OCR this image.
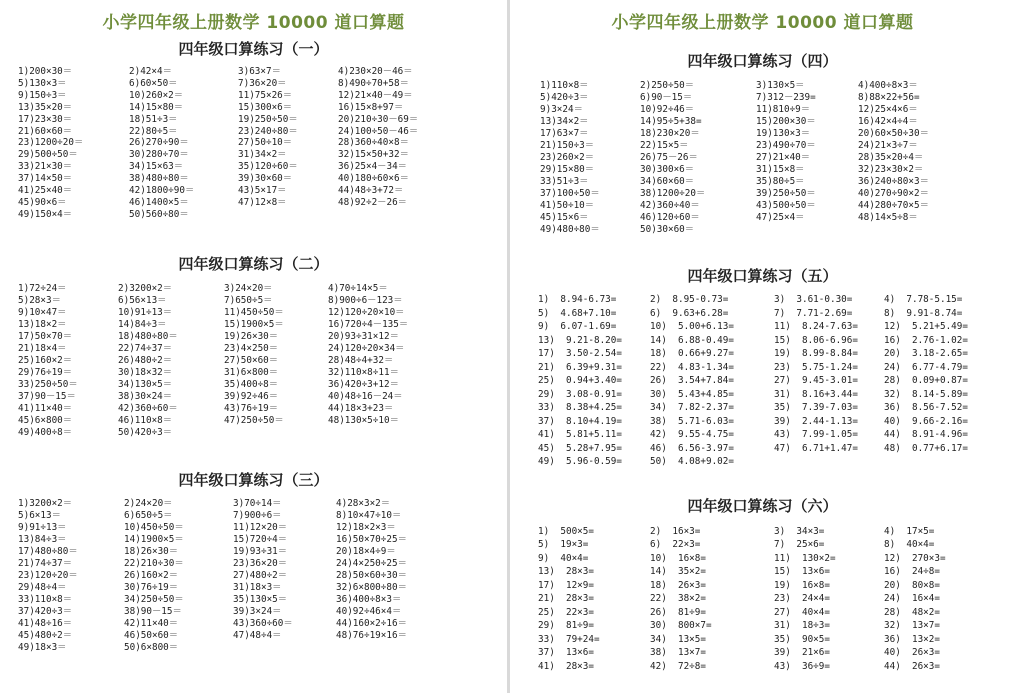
小学四年级上册数学 10000 道口算题
四年级口算练习（一）
1)200×30＝	2)42×4＝	3)63×7＝	4)230×20－46＝
5)130×3＝	6)60×50＝	7)36×20＝	8)490÷70+58＝
9)150÷3＝	10)260×2＝	11)75×26＝	12)21×40－49＝
13)35×20＝	14)15×80＝	15)300×6＝	16)15×8+97＝
17)23×30＝	18)51÷3＝	19)250÷50＝	20)210÷30－69＝
21)60×60＝	22)80÷5＝	23)240÷80＝	24)100÷50－46＝
23)1200÷20＝	26)270÷90＝	27)50÷10＝	28)360÷40×8＝
29)500÷50＝	30)280÷70＝	31)34×2＝	32)15×50+32＝
33)21×30＝	34)15×63＝	35)120÷60＝	36)25×4－34＝
37)14×50＝	38)480÷80＝	39)30×60＝	40)180÷60×6＝
41)25×40＝	42)1800÷90＝	43)5×17＝	44)48÷3+72＝
45)90×6＝	46)1400×5＝	47)12×8＝	48)92÷2－26＝
49)150×4＝	50)560÷80＝
四年级口算练习（二）
1)72÷24＝	2)3200×2＝	3)24×20＝	4)70÷14×5＝
5)28×3＝	6)56×13＝	7)650÷5＝	8)900÷6－123＝
9)10×47＝	10)91÷13＝	11)450÷50＝	12)120÷20×10＝
13)18×2＝	14)84÷3＝	15)1900×5＝	16)720÷4－135＝
17)50×70＝	18)480÷80＝	19)26×30＝	20)93÷31×12＝
21)18×4＝	22)74÷37＝	23)4×250＝	24)120÷20×34＝
25)160×2＝	26)480÷2＝	27)50×60＝	28)48÷4+32＝
29)76÷19＝	30)18×32＝	31)6×800＝	32)110×8÷11＝
33)250÷50＝	34)130×5＝	35)400÷8＝	36)420÷3+12＝
37)90－15＝	38)30×24＝	39)92÷46＝	40)48÷16－24＝
41)11×40＝	42)360÷60＝	43)76÷19＝	44)18×3+23＝
45)6×800＝	46)110×8＝	47)250÷50＝	48)130×5÷10＝
49)400÷8＝	50)420÷3＝
四年级口算练习（三）
1)3200×2＝	2)24×20＝	3)70÷14＝	4)28×3×2＝
5)6×13＝	6)650÷5＝	7)900÷6＝	8)10×47÷10＝
9)91÷13＝	10)450÷50＝	11)12×20＝	12)18×2×3＝
13)84÷3＝	14)1900×5＝	15)720÷4＝	16)50×70÷25＝
17)480÷80＝	18)26×30＝	19)93÷31＝	20)18×4÷9＝
21)74÷37＝	22)210÷30＝	23)36×20＝	24)4×250÷25＝
23)120÷20＝	26)160×2＝	27)480÷2＝	28)50×60÷30＝
29)48÷4＝	30)76÷19＝	31)18×3＝	32)6×800÷80＝
33)110×8＝	34)250÷50＝	35)130×5＝	36)400÷8×3＝
37)420÷3＝	38)90－15＝	39)3×24＝	40)92÷46×4＝
41)48÷16＝	42)11×40＝	43)360÷60＝	44)160×2÷16＝
45)480÷2＝	46)50×60＝	47)48÷4＝	48)76÷19×16＝
49)18×3＝	50)6×800＝
小学四年级上册数学 10000 道口算题
四年级口算练习（四）
1)110×8＝	2)250÷50＝	3)130×5＝	4)400÷8×3＝
5)420÷3＝	6)90－15＝	7)312－239=	8)88×22+56=
9)3×24＝	10)92÷46＝	11)810÷9＝	12)25×4×6＝
13)34×2＝	14)95÷5+38=	15)200×30＝	16)42×4÷4＝
17)63×7＝	18)230×20＝	19)130×3＝	20)60×50÷30＝
21)150÷3＝	22)15×5＝	23)490÷70＝	24)21×3÷7＝
23)260×2＝	26)75－26＝	27)21×40＝	28)35×20÷4＝
29)15×80＝	30)300×6＝	31)15×8＝	32)23×30×2＝
33)51÷3＝	34)60×60＝	35)80÷5＝	36)240÷80×3＝
37)100÷50＝	38)1200÷20＝	39)250÷50＝	40)270÷90×2＝
41)50÷10＝	42)360÷40＝	43)500÷50＝	44)280÷70×5＝
45)15×6＝	46)120÷60＝	47)25×4＝	48)14×5÷8＝
49)480÷80＝	50)30×60＝
四年级口算练习（五）
1)  8.94-6.73=	2)  8.95-0.73=	3)  3.61-0.30=	4)  7.78-5.15=
5)  4.68+7.10=	6)  9.63+6.28=	7)  7.71-2.69=	8)  9.91-8.74=
9)  6.07-1.69=	10)  5.00+6.13=	11)  8.24-7.63=	12)  5.21+5.49=
13)  9.21-8.20=	14)  6.88-0.49=	15)  8.06-6.96=	16)  2.76-1.02=
17)  3.50-2.54=	18)  0.66+9.27=	19)  8.99-8.84=	20)  3.18-2.65=
21)  6.39+9.31=	22)  4.83-1.34=	23)  5.75-1.24=	24)  6.77-4.79=
25)  0.94+3.40=	26)  3.54+7.84=	27)  9.45-3.01=	28)  0.09+0.87=
29)  3.08-0.91=	30)  5.43+4.85=	31)  8.16+3.44=	32)  8.14-5.89=
33)  8.38+4.25=	34)  7.82-2.37=	35)  7.39-7.03=	36)  8.56-7.52=
37)  8.10+4.19=	38)  5.71-6.03=	39)  2.44-1.13=	40)  9.66-2.16=
41)  5.81+5.11=	42)  9.55-4.75=	43)  7.99-1.05=	44)  8.91-4.96=
45)  5.28+7.95=	46)  6.56-3.97=	47)  6.71+1.47=	48)  0.77+6.17=
49)  5.96-0.59=	50)  4.08+9.02=
四年级口算练习（六）
1)  500×5=	2)  16×3=	3)  34×3=	4)  17×5=
5)  19×3=	6)  22×3=	7)  25×6=	8)  40×4=
9)  40×4=	10)  16×8=	11)  130×2=	12)  270×3=
13)  28×3=	14)  35×2=	15)  13×6=	16)  24÷8=
17)  12×9=	18)  26×3=	19)  16×8=	20)  80×8=
21)  28×3=	22)  38×2=	23)  24×4=	24)  16×4=
25)  22×3=	26)  81÷9=	27)  40×4=	28)  48×2=
29)  81÷9=	30)  800×7=	31)  18÷3=	32)  13×7=
33)  79+24=	34)  13×5=	35)  90×5=	36)  13×2=
37)  13×6=	38)  13×7=	39)  21×6=	40)  26×3=
41)  28×3=	42)  72÷8=	43)  36÷9=	44)  26×3=
